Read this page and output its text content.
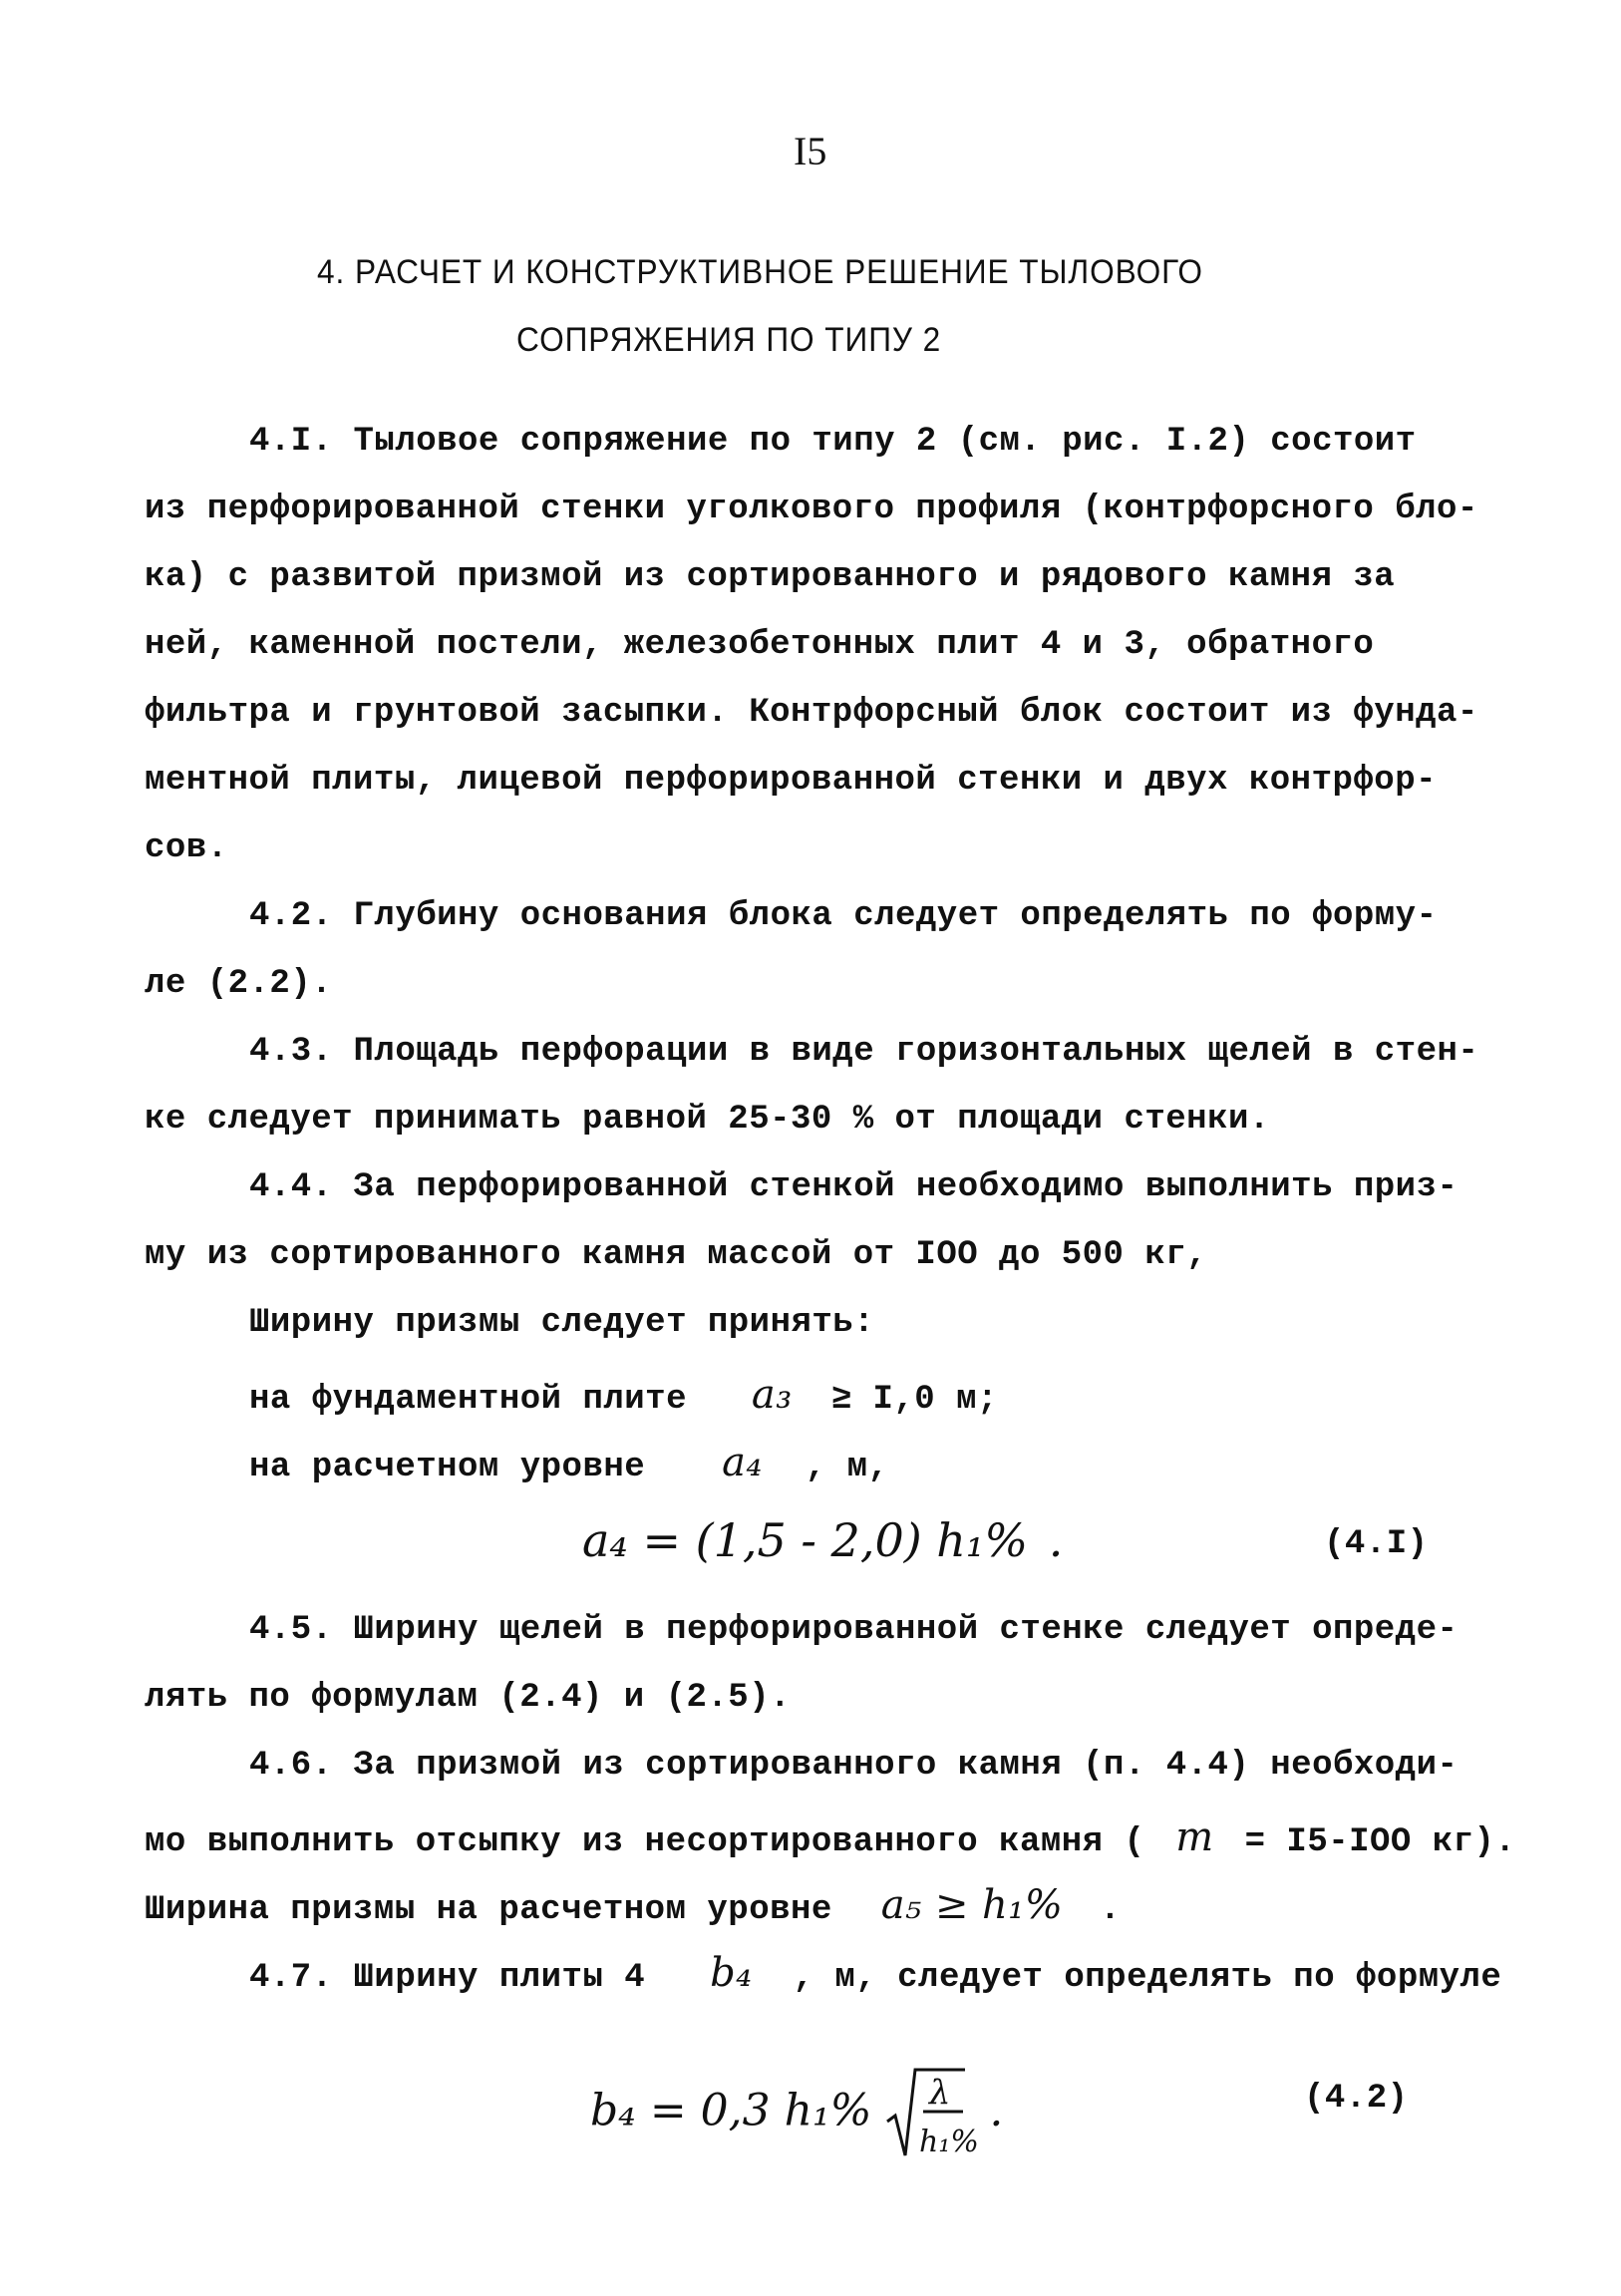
I5
4. РАСЧЕТ И КОНСТРУКТИВНОЕ РЕШЕНИЕ ТЫЛОВОГО
СОПРЯЖЕНИЯ ПО ТИПУ 2
4.I. Тыловое сопряжение по типу 2 (см. рис. I.2) состоит
из перфорированной стенки уголкового профиля (контрфорсного бло-
ка) с развитой призмой из сортированного и рядового камня за
ней, каменной постели, железобетонных плит 4 и 3, обратного
фильтра и грунтовой засыпки. Контрфорсный блок состоит из фунда-
ментной плиты, лицевой перфорированной стенки и двух контрфор-
сов.
4.2. Глубину основания блока следует определять по форму-
ле (2.2).
4.3. Площадь перфорации в виде горизонтальных щелей в стен-
ке следует принимать равной 25-30 % от площади стенки.
4.4. За перфорированной стенкой необходимо выполнить приз-
му из сортированного камня массой от IOO до 500 кг,
Ширину призмы следует принять:
на фундаментной плите a₃ ≥ I,0 м;
на расчетном уровне a₄ , м,
a₄ = (1,5 - 2,0) h₁% .	(4.I)
4.5. Ширину щелей в перфорированной стенке следует опреде-
лять по формулам (2.4) и (2.5).
4.6. За призмой из сортированного камня (п. 4.4) необходи-
мо выполнить отсыпку из несортированного камня ( m = I5-IOO кг).
Ширина призмы на расчетном уровне a₅ ≥ h₁% .
4.7. Ширину плиты 4 b₄ , м, следует определять по формуле
b₄ = 0,3 h₁% λ
h₁%
.	(4.2)
